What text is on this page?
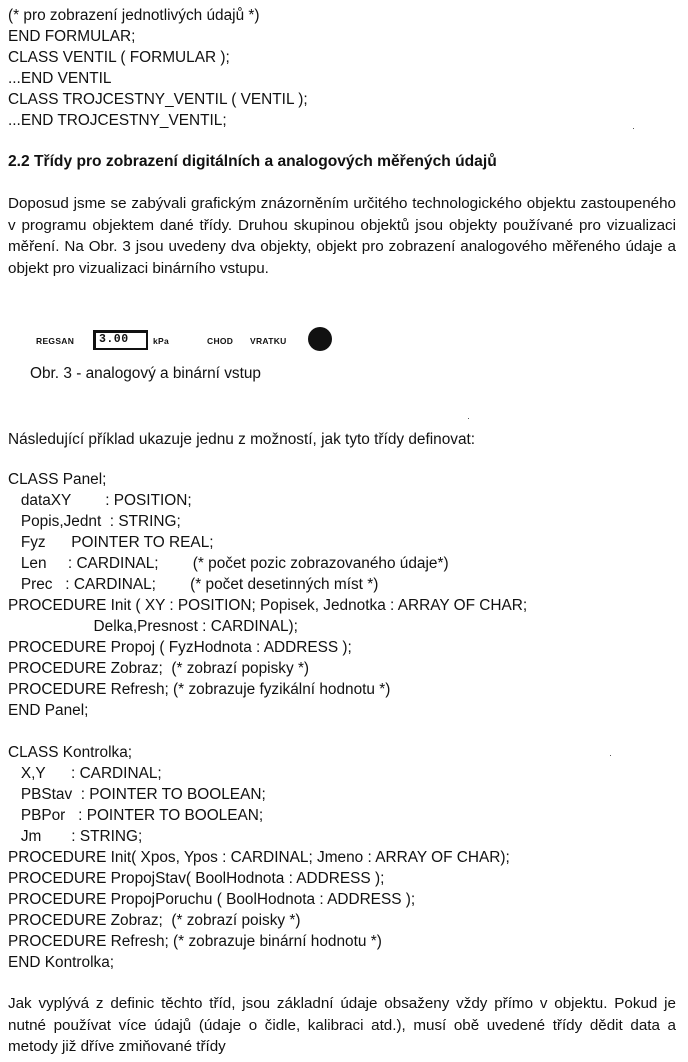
(* pro zobrazení jednotlivých údajů *)
END FORMULAR;
CLASS VENTIL ( FORMULAR );
...END VENTIL
CLASS TROJCESTNY_VENTIL ( VENTIL );
...END TROJCESTNY_VENTIL;
2.2 Třídy pro zobrazení digitálních a analogových měřených údajů
Doposud jsme se zabývali grafickým znázorněním určitého technologického objektu zastoupeného v programu objektem dané třídy. Druhou skupinou objektů jsou objekty používané pro vizualizaci měření. Na Obr. 3 jsou uvedeny dva objekty, objekt pro zobrazení analogového měřeného údaje a objekt pro vizualizaci binárního vstupu.
REGSAN 3.00	kPa	CHOD VRATKU
Obr. 3 - analogový a binární vstup
Následující příklad ukazuje jednu z možností, jak tyto třídy definovat:
CLASS Panel;
dataXY        : POSITION;
Popis,Jednt  : STRING;
Fyz      POINTER TO REAL;
Len     : CARDINAL;        (* počet pozic zobrazovaného údaje*)
Prec   : CARDINAL;        (* počet desetinných míst *)
PROCEDURE Init ( XY : POSITION; Popisek, Jednotka : ARRAY OF CHAR;
Delka,Presnost : CARDINAL);
PROCEDURE Propoj ( FyzHodnota : ADDRESS );
PROCEDURE Zobraz;  (* zobrazí popisky *)
PROCEDURE Refresh; (* zobrazuje fyzikální hodnotu *)
END Panel;
CLASS Kontrolka;
X,Y      : CARDINAL;
PBStav  : POINTER TO BOOLEAN;
PBPor   : POINTER TO BOOLEAN;
Jm       : STRING;
PROCEDURE Init( Xpos, Ypos : CARDINAL; Jmeno : ARRAY OF CHAR);
PROCEDURE PropojStav( BoolHodnota : ADDRESS );
PROCEDURE PropojPoruchu ( BoolHodnota : ADDRESS );
PROCEDURE Zobraz;  (* zobrazí poisky *)
PROCEDURE Refresh; (* zobrazuje binární hodnotu *)
END Kontrolka;
Jak vyplývá z definic těchto tříd, jsou základní údaje obsaženy vždy přímo v objektu. Pokud je nutné používat více údajů (údaje o čidle, kalibraci atd.), musí obě uvedené třídy dědit data a metody již dříve zmiňované třídy
